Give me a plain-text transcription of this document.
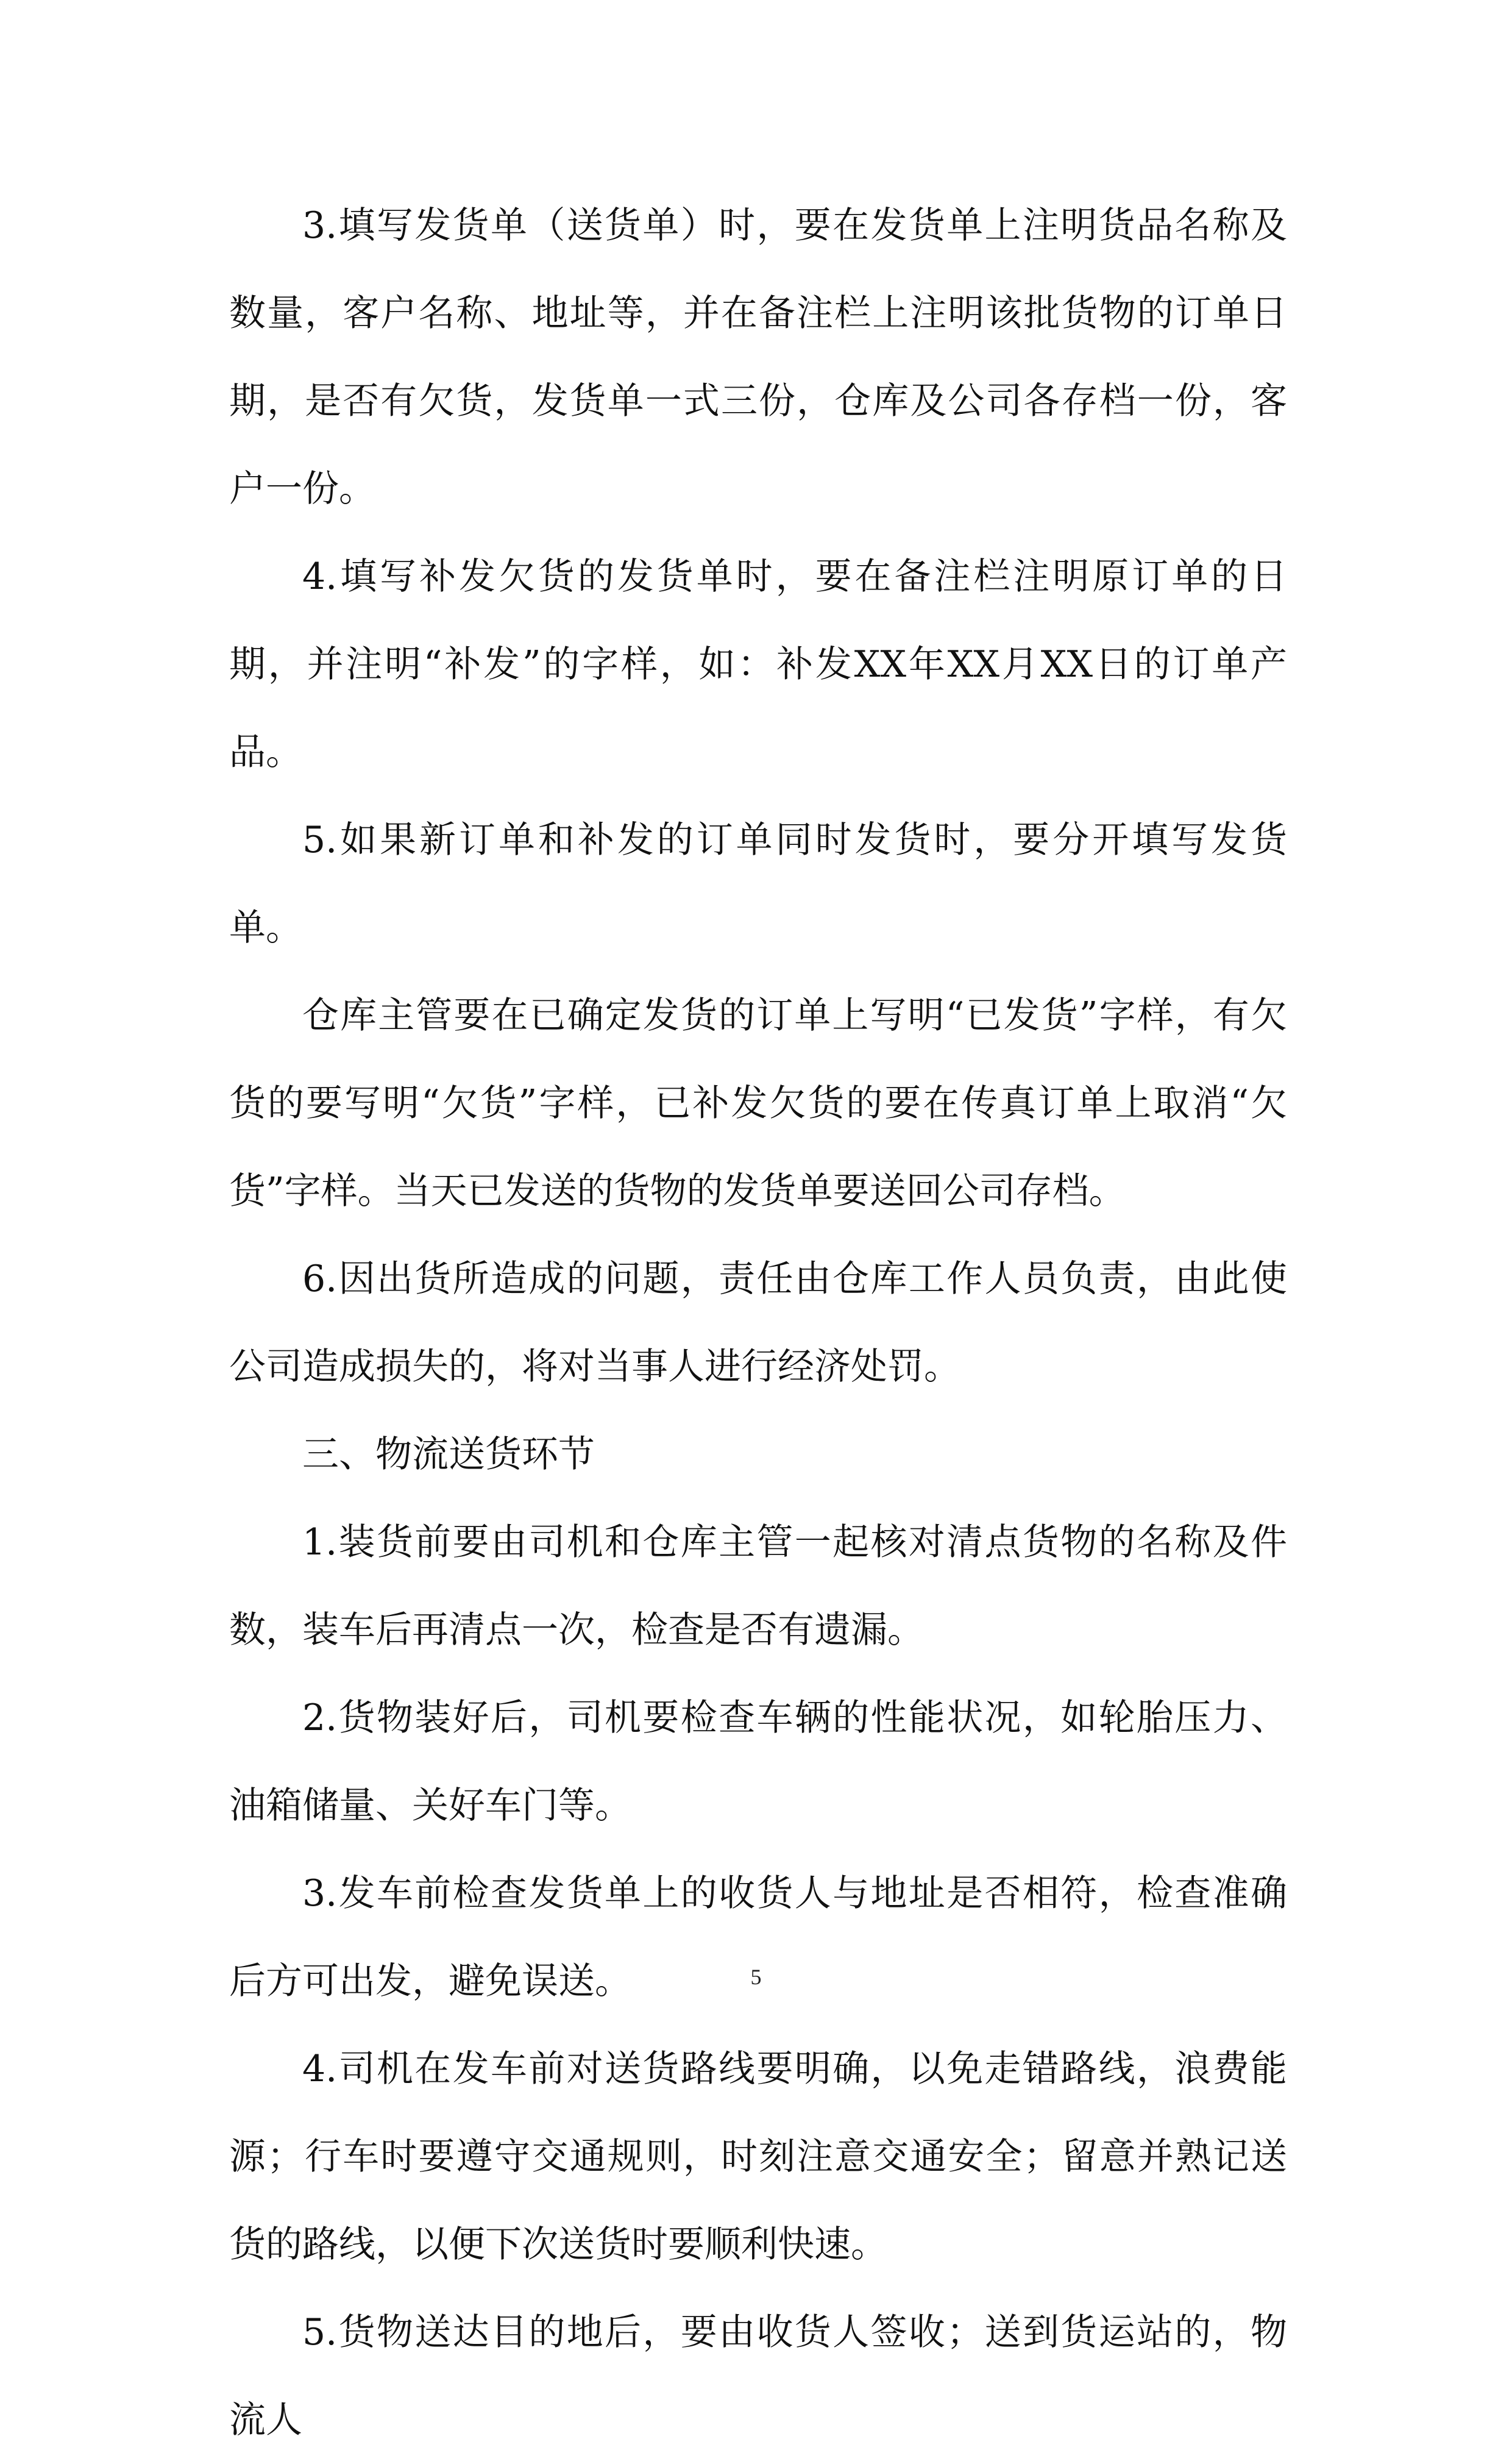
3.填写发货单（送货单）时，要在发货单上注明货品名称及数量，客户名称、地址等，并在备注栏上注明该批货物的订单日期，是否有欠货，发货单一式三份，仓库及公司各存档一份，客户一份。

4.填写补发欠货的发货单时，要在备注栏注明原订单的日期，并注明“补发”的字样，如：补发XX年XX月XX日的订单产品。

5.如果新订单和补发的订单同时发货时，要分开填写发货单。

仓库主管要在已确定发货的订单上写明“已发货”字样，有欠货的要写明“欠货”字样，已补发欠货的要在传真订单上取消“欠货”字样。当天已发送的货物的发货单要送回公司存档。

6.因出货所造成的问题，责任由仓库工作人员负责，由此使公司造成损失的，将对当事人进行经济处罚。

三、物流送货环节

1.装货前要由司机和仓库主管一起核对清点货物的名称及件数，装车后再清点一次，检查是否有遗漏。

2.货物装好后，司机要检查车辆的性能状况，如轮胎压力、油箱储量、关好车门等。

3.发车前检查发货单上的收货人与地址是否相符，检查准确后方可出发，避免误送。

4.司机在发车前对送货路线要明确，以免走错路线，浪费能源；行车时要遵守交通规则，时刻注意交通安全；留意并熟记送货的路线，以便下次送货时要顺利快速。

5.货物送达目的地后，要由收货人签收；送到货运站的，物流人

5
